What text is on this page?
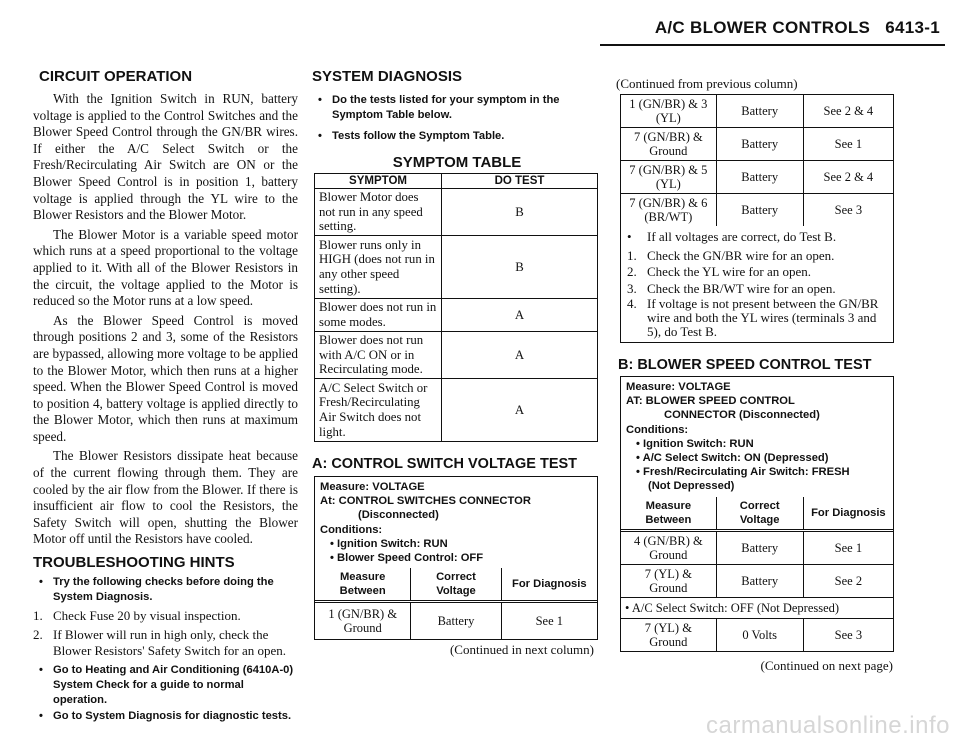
A/C BLOWER CONTROLS 6413-1
CIRCUIT OPERATION

With the Ignition Switch in RUN, battery voltage is applied to the Control Switches and the Blower Speed Control through the GN/BR wires. If either the A/C Select Switch or the Fresh/Recirculating Air Switch are ON or the Blower Speed Control is in position 1, battery voltage is applied through the YL wire to the Blower Resistors and the Blower Motor.

The Blower Motor is a variable speed motor which runs at a speed proportional to the voltage applied to it. With all of the Blower Resistors in the circuit, the voltage applied to the Motor is reduced so the Motor runs at a low speed.

As the Blower Speed Control is moved through positions 2 and 3, some of the Resistors are bypassed, allowing more voltage to be applied to the Blower Motor, which then runs at a higher speed. When the Blower Speed Control is moved to position 4, battery voltage is applied directly to the Blower Motor, which then runs at maximum speed.

The Blower Resistors dissipate heat because of the current flowing through them. They are cooled by the air flow from the Blower. If there is insufficient air flow to cool the Resistors, the Safety Switch will open, shutting the Blower Motor off until the Resistors have cooled.

TROUBLESHOOTING HINTS

• Try the following checks before doing the System Diagnosis.

1. Check Fuse 20 by visual inspection.

2. If Blower will run in high only, check the Blower Resistors' Safety Switch for an open.

• Go to Heating and Air Conditioning (6410A-0) System Check for a guide to normal operation.

• Go to System Diagnosis for diagnostic tests.

SYSTEM DIAGNOSIS

• Do the tests listed for your symptom in the Symptom Table below.

• Tests follow the Symptom Table.

SYMPTOM TABLE
SYMPTOM	DO TEST
Blower Motor does not run in any speed setting.	B
Blower runs only in HIGH (does not run in any other speed setting).	B
Blower does not run in some modes.	A
Blower does not run with A/C ON or in Recirculating mode.	A
A/C Select Switch or Fresh/Recirculating Air Switch does not light.	A
A: CONTROL SWITCH VOLTAGE TEST
Measure: VOLTAGE
At: CONTROL SWITCHES CONNECTOR
(Disconnected)
Conditions:
• Ignition Switch: RUN
• Blower Speed Control: OFF
Measure Between	Correct Voltage	For Diagnosis
1 (GN/BR) & Ground	Battery	See 1
(Continued in next column)
(Continued from previous column)
1 (GN/BR) & 3 (YL)	Battery	See 2 & 4
7 (GN/BR) & Ground	Battery	See 1
7 (GN/BR) & 5 (YL)	Battery	See 2 & 4
7 (GN/BR) & 6 (BR/WT)	Battery	See 3

• If all voltages are correct, do Test B.

1. Check the GN/BR wire for an open.

2. Check the YL wire for an open.

3. Check the BR/WT wire for an open.

4. If voltage is not present between the GN/BR wire and both the YL wires (terminals 3 and 5), do Test B.

B: BLOWER SPEED CONTROL TEST
Measure: VOLTAGE
AT: BLOWER SPEED CONTROL
CONNECTOR (Disconnected)
Conditions:
• Ignition Switch: RUN
• A/C Select Switch: ON (Depressed)
• Fresh/Recirculating Air Switch: FRESH
(Not Depressed)
Measure Between	Correct Voltage	For Diagnosis
4 (GN/BR) & Ground	Battery	See 1
7 (YL) & Ground	Battery	See 2
• A/C Select Switch: OFF (Not Depressed)		
7 (YL) & Ground	0 Volts	See 3
(Continued on next page)
carmanualsonline.info
